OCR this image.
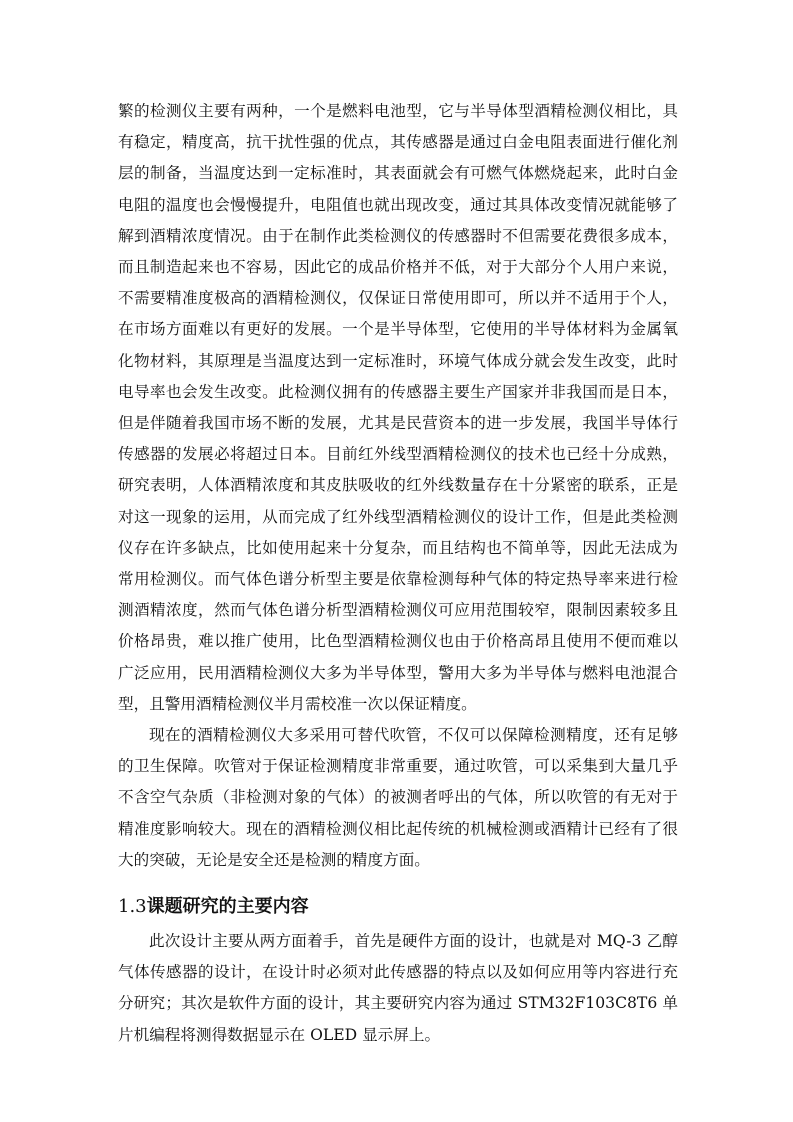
繁的检测仪主要有两种，一个是燃料电池型，它与半导体型酒精检测仪相比，具有稳定，精度高，抗干扰性强的优点，其传感器是通过白金电阻表面进行催化剂层的制备，当温度达到一定标准时，其表面就会有可燃气体燃烧起来，此时白金电阻的温度也会慢慢提升，电阻值也就出现改变，通过其具体改变情况就能够了解到酒精浓度情况。由于在制作此类检测仪的传感器时不但需要花费很多成本，而且制造起来也不容易，因此它的成品价格并不低，对于大部分个人用户来说，不需要精准度极高的酒精检测仪，仅保证日常使用即可，所以并不适用于个人，在市场方面难以有更好的发展。一个是半导体型，它使用的半导体材料为金属氧化物材料，其原理是当温度达到一定标准时，环境气体成分就会发生改变，此时电导率也会发生改变。此检测仪拥有的传感器主要生产国家并非我国而是日本，但是伴随着我国市场不断的发展，尤其是民营资本的进一步发展，我国半导体行传感器的发展必将超过日本。目前红外线型酒精检测仪的技术也已经十分成熟，研究表明，人体酒精浓度和其皮肤吸收的红外线数量存在十分紧密的联系，正是对这一现象的运用，从而完成了红外线型酒精检测仪的设计工作，但是此类检测仪存在许多缺点，比如使用起来十分复杂，而且结构也不简单等，因此无法成为常用检测仪。而气体色谱分析型主要是依靠检测每种气体的特定热导率来进行检测酒精浓度，然而气体色谱分析型酒精检测仪可应用范围较窄，限制因素较多且价格昂贵，难以推广使用，比色型酒精检测仪也由于价格高昂且使用不便而难以广泛应用，民用酒精检测仪大多为半导体型，警用大多为半导体与燃料电池混合型，且警用酒精检测仪半月需校准一次以保证精度。

现在的酒精检测仪大多采用可替代吹管，不仅可以保障检测精度，还有足够的卫生保障。吹管对于保证检测精度非常重要，通过吹管，可以采集到大量几乎不含空气杂质（非检测对象的气体）的被测者呼出的气体，所以吹管的有无对于精准度影响较大。现在的酒精检测仪相比起传统的机械检测或酒精计已经有了很大的突破，无论是安全还是检测的精度方面。

1.3课题研究的主要内容

此次设计主要从两方面着手，首先是硬件方面的设计，也就是对 MQ-3 乙醇气体传感器的设计，在设计时必须对此传感器的特点以及如何应用等内容进行充分研究；其次是软件方面的设计，其主要研究内容为通过 STM32F103C8T6 单片机编程将测得数据显示在 OLED 显示屏上。
